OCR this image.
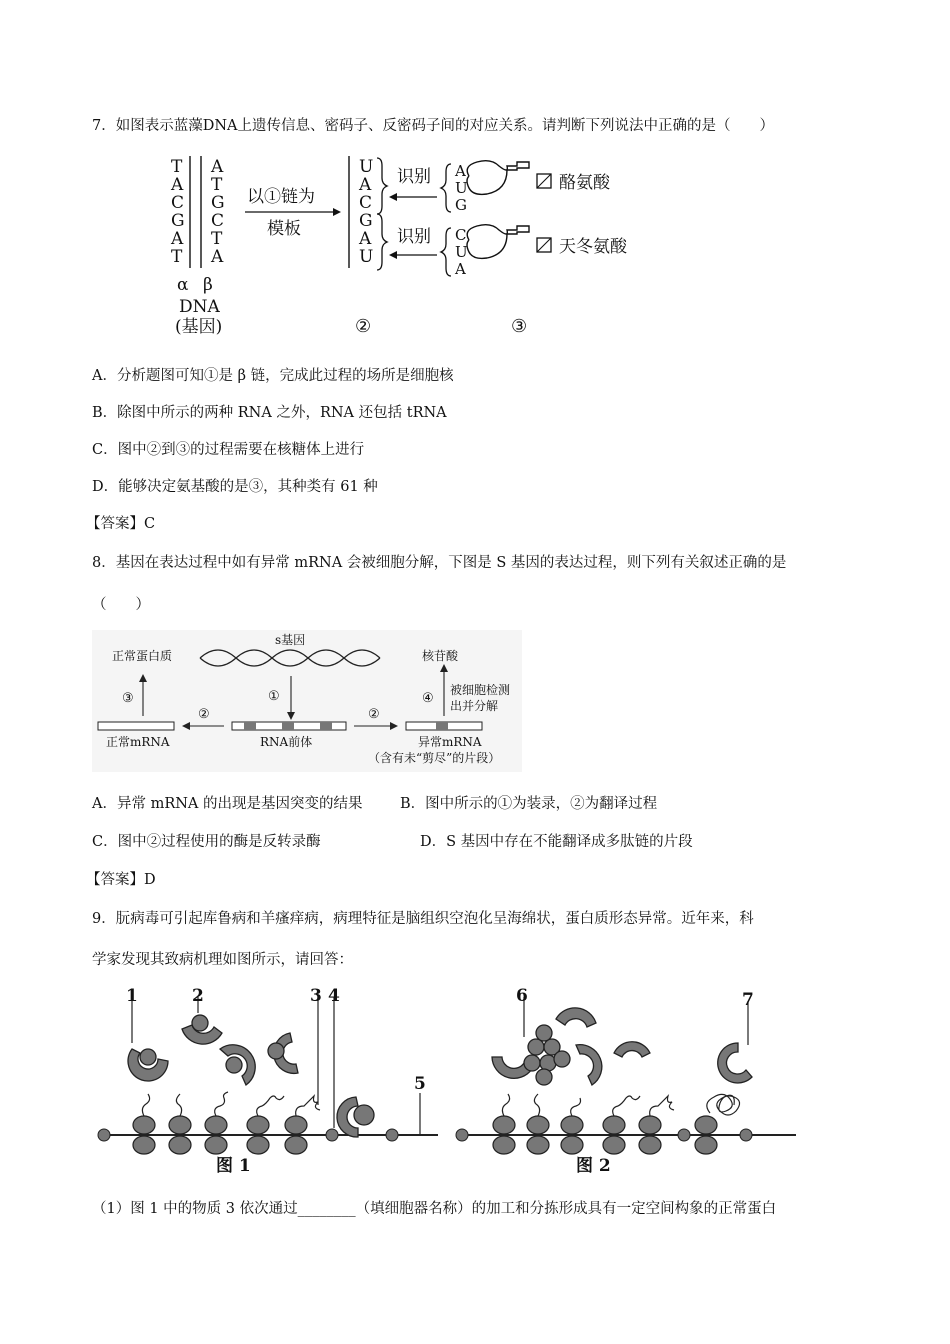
7．如图表示蓝藻DNA上遗传信息、密码子、反密码子间的对应关系。请判断下列说法中正确的是（　　）
T
A
C
G
A
T
A
T
G
C
T
A
α β
DNA
(基因)
以①链为
模板
U
A
C
G
A
U
识别
识别
A
U
G
酪氨酸
C
U
A
天冬氨酸
②	③
A．分析题图可知①是 β 链，完成此过程的场所是细胞核
B．除图中所示的两种 RNA 之外，RNA 还包括 tRNA
C．图中②到③的过程需要在核糖体上进行
D．能够决定氨基酸的是③，其种类有 61 种
【答案】C
8．基因在表达过程中如有异常 mRNA 会被细胞分解，下图是 S 基因的表达过程，则下列有关叙述正确的是
（　　）
s基因
①
RNA前体
②
正常mRNA
③
正常蛋白质
②
异常mRNA
（含有未“剪尽”的片段）
④
被细胞检测
出并分解
核苷酸
A．异常 mRNA 的出现是基因突变的结果	B．图中所示的①为装录，②为翻译过程
C．图中②过程使用的酶是反转录酶	D．S 基因中存在不能翻译成多肽链的片段
【答案】D
9．朊病毒可引起库鲁病和羊瘙痒病，病理特征是脑组织空泡化呈海绵状，蛋白质形态异常。近年来，科
学家发现其致病机理如图所示，请回答：
1	2	3 4
5
图 1
6	7
图 2
（1）图 1 中的物质 3 依次通过________（填细胞器名称）的加工和分拣形成具有一定空间构象的正常蛋白
